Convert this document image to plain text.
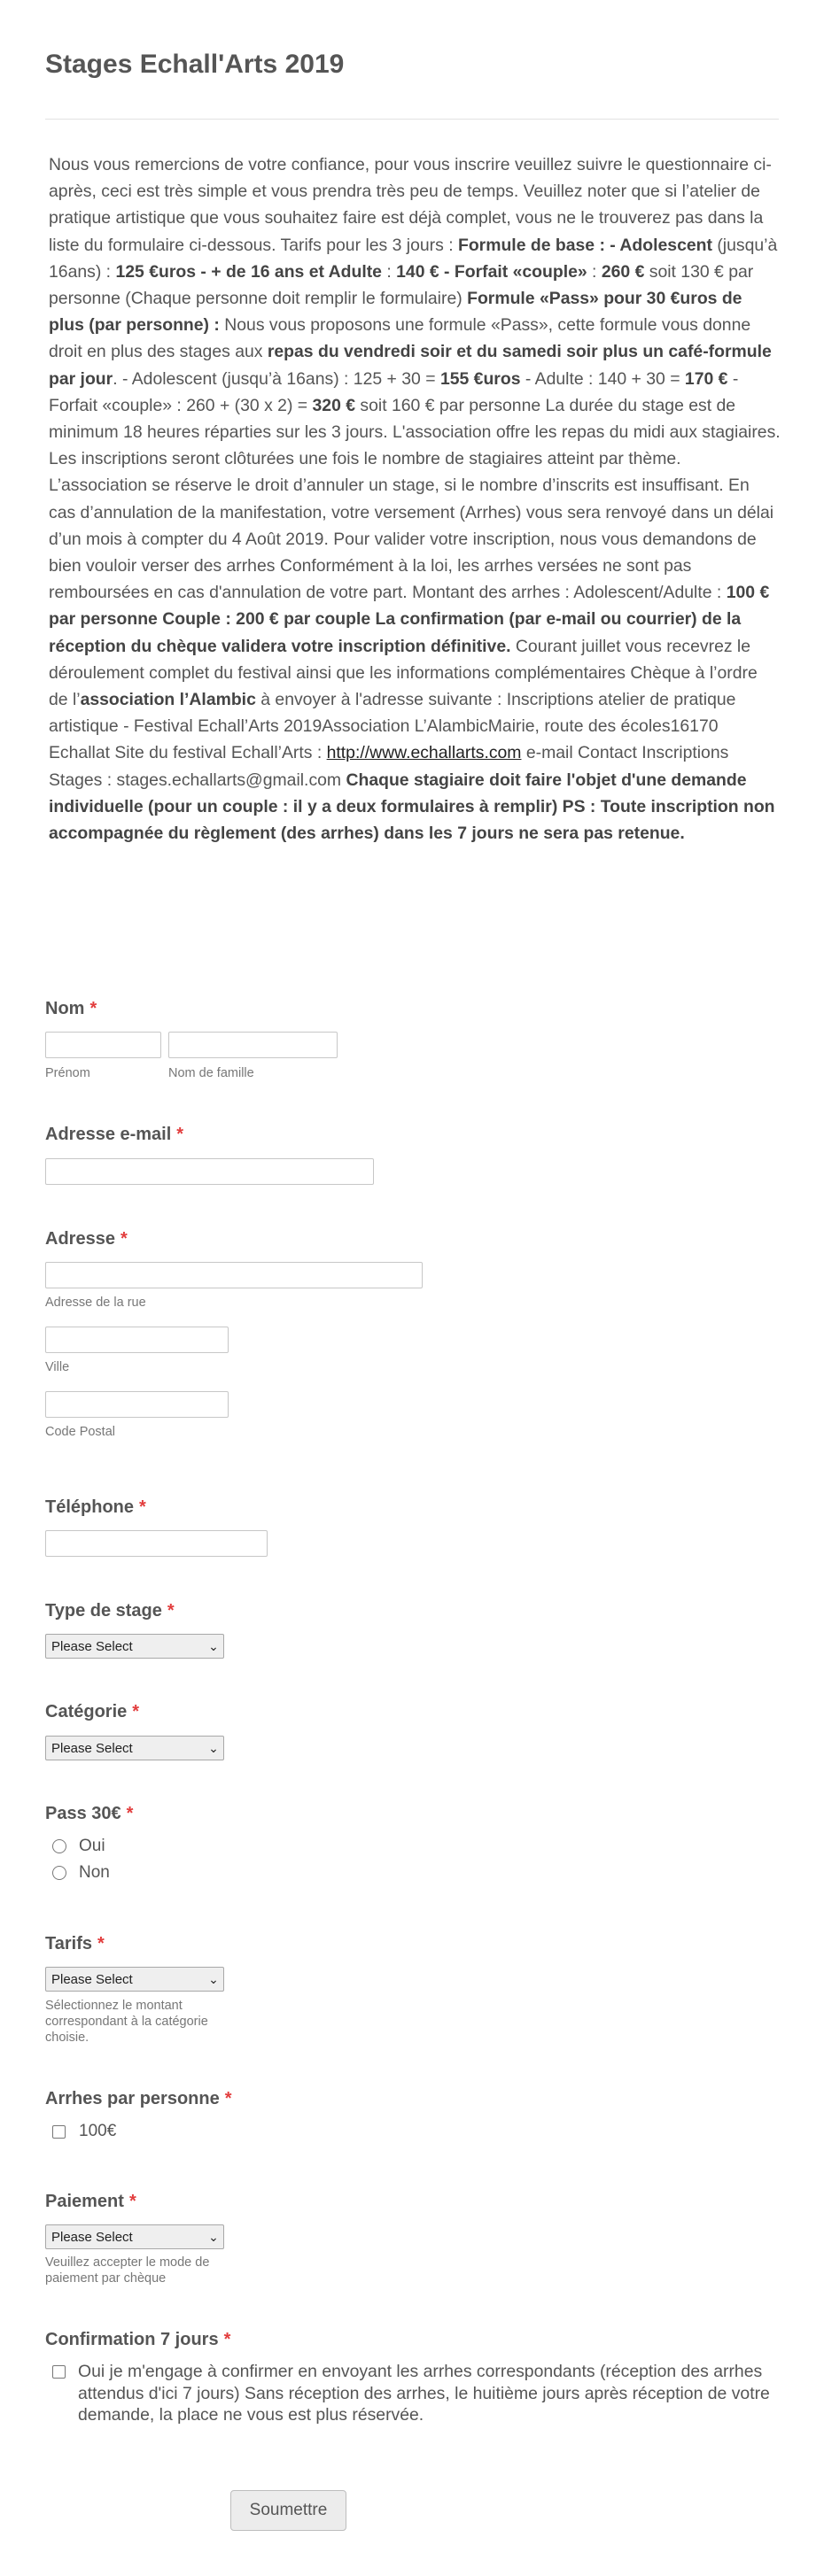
Stages Echall'Arts 2019

Nous vous remercions de votre confiance, pour vous inscrire veuillez suivre le questionnaire ci-après, ceci est très simple et vous prendra très peu de temps. Veuillez noter que si l’atelier de pratique artistique que vous souhaitez faire est déjà complet, vous ne le trouverez pas dans la liste du formulaire ci-dessous. Tarifs pour les 3 jours : Formule de base : - Adolescent (jusqu’à 16ans) : 125 €uros - + de 16 ans et Adulte : 140 € - Forfait «couple» : 260 € soit 130 € par personne (Chaque personne doit remplir le formulaire) Formule «Pass» pour 30 €uros de plus (par personne) : Nous vous proposons une formule «Pass», cette formule vous donne droit en plus des stages aux repas du vendredi soir et du samedi soir plus un café-formule par jour. - Adolescent (jusqu’à 16ans) : 125 + 30 = 155 €uros - Adulte : 140 + 30 = 170 € - Forfait «couple» : 260 + (30 x 2) = 320 € soit 160 € par personne La durée du stage est de minimum 18 heures réparties sur les 3 jours. L'association offre les repas du midi aux stagiaires. Les inscriptions seront clôturées une fois le nombre de stagiaires atteint par thème. L’association se réserve le droit d’annuler un stage, si le nombre d’inscrits est insuffisant. En cas d’annulation de la manifestation, votre versement (Arrhes) vous sera renvoyé dans un délai d’un mois à compter du 4 Août 2019. Pour valider votre inscription, nous vous demandons de bien vouloir verser des arrhes Conformément à la loi, les arrhes versées ne sont pas remboursées en cas d'annulation de votre part. Montant des arrhes : Adolescent/Adulte : 100 € par personne Couple : 200 € par couple La confirmation (par e-mail ou courrier) de la réception du chèque validera votre inscription définitive. Courant juillet vous recevrez le déroulement complet du festival ainsi que les informations complémentaires Chèque à l’ordre de l’association l’Alambic à envoyer à l'adresse suivante : Inscriptions atelier de pratique artistique - Festival Echall’Arts 2019Association L’AlambicMairie, route des écoles16170 Echallat Site du festival Echall’Arts : http://www.echallarts.com e-mail Contact Inscriptions Stages : stages.echallarts@gmail.com Chaque stagiaire doit faire l'objet d'une demande individuelle (pour un couple : il y a deux formulaires à remplir) PS : Toute inscription non accompagnée du règlement (des arrhes) dans les 7 jours ne sera pas retenue.

Nom *
Prénom	Nom de famille
Adresse e-mail *
Adresse *
Adresse de la rue
Ville
Code Postal
Téléphone *
Type de stage *
Please Select	⌄
Catégorie *
Please Select	⌄
Pass 30€ *
Oui
Non
Tarifs *
Please Select	⌄
Sélectionnez le montant correspondant à la catégorie choisie.
Arrhes par personne *
100€
Paiement *
Please Select	⌄
Veuillez accepter le mode de paiement par chèque
Confirmation 7 jours *
Oui je m'engage à confirmer en envoyant les arrhes correspondants (réception des arrhes attendus d'ici 7 jours) Sans réception des arrhes, le huitième jours après réception de votre demande, la place ne vous est plus réservée.
Soumettre
